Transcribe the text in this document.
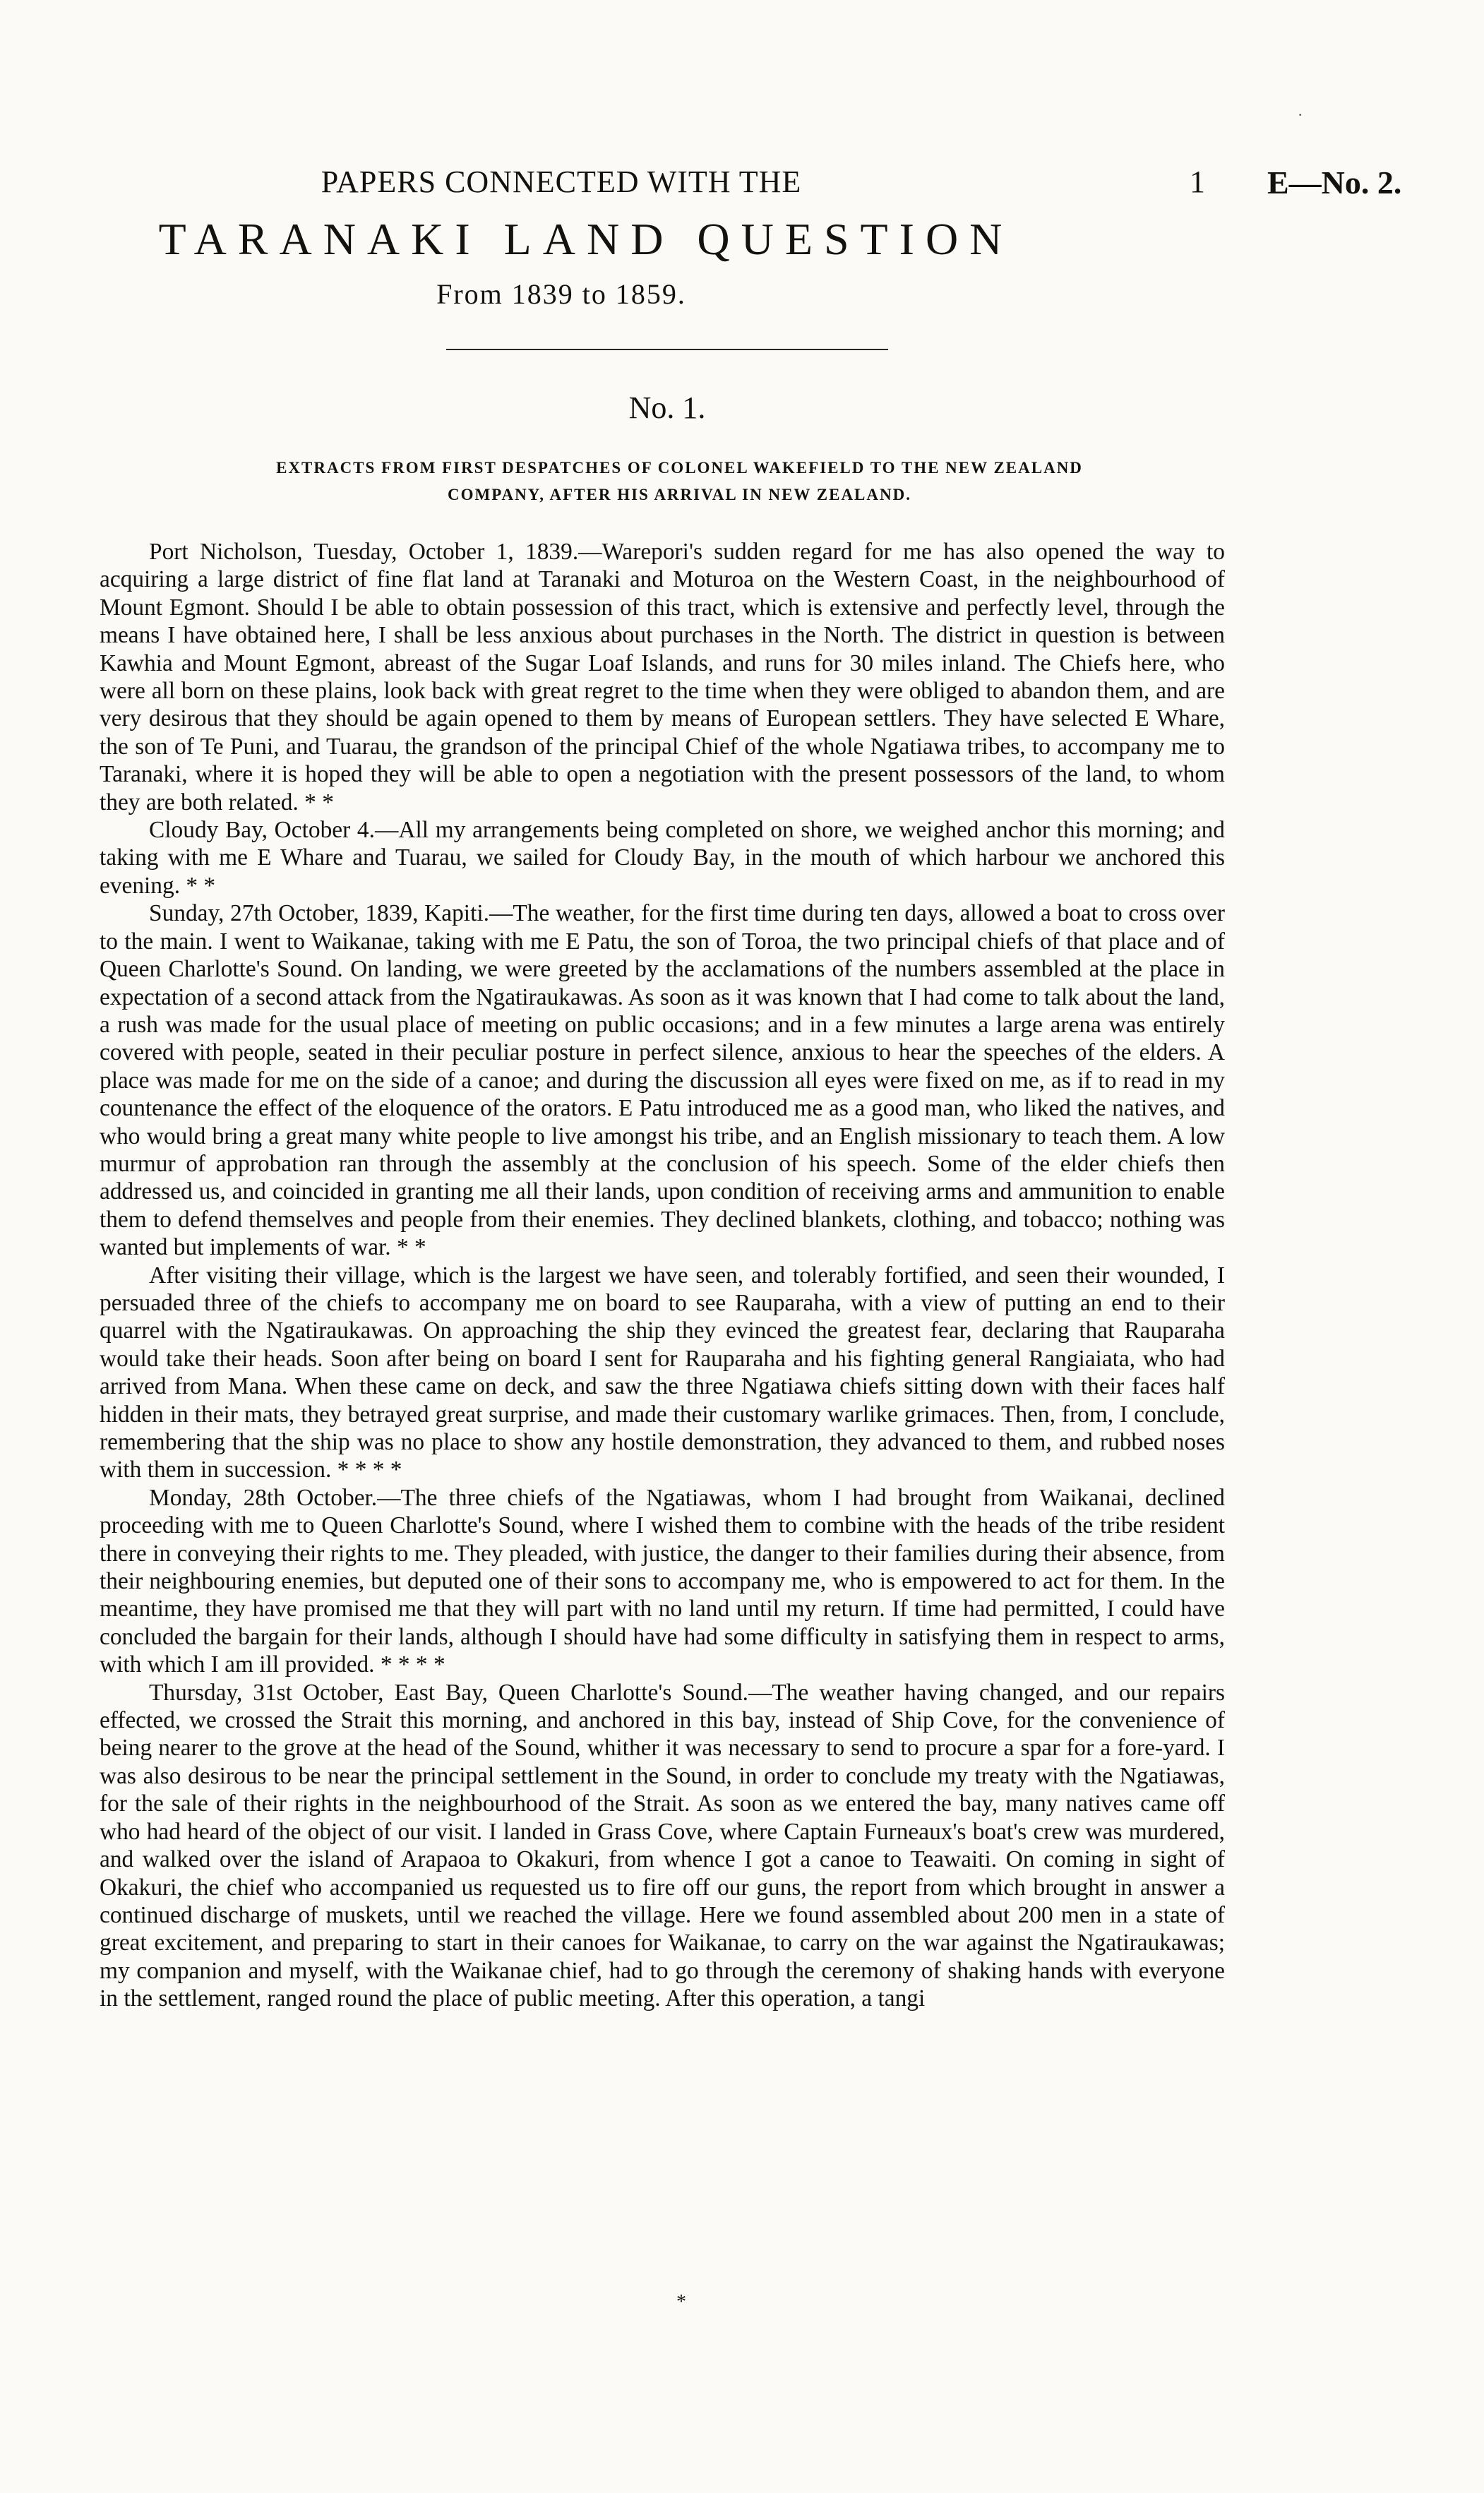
·
PAPERS CONNECTED WITH THE	1 E—No. 2.
TARANAKI LAND QUESTION
From 1839 to 1859.
No. 1.
EXTRACTS FROM FIRST DESPATCHES OF COLONEL WAKEFIELD TO THE NEW ZEALAND
COMPANY, AFTER HIS ARRIVAL IN NEW ZEALAND.

Port Nicholson, Tuesday, October 1, 1839.—Warepori's sudden regard for me has also opened the way to acquiring a large district of fine flat land at Taranaki and Moturoa on the Western Coast, in the neighbourhood of Mount Egmont. Should I be able to obtain possession of this tract, which is extensive and perfectly level, through the means I have obtained here, I shall be less anxious about purchases in the North. The district in question is between Kawhia and Mount Egmont, abreast of the Sugar Loaf Islands, and runs for 30 miles inland. The Chiefs here, who were all born on these plains, look back with great regret to the time when they were obliged to abandon them, and are very desirous that they should be again opened to them by means of European settlers. They have selected E Whare, the son of Te Puni, and Tuarau, the grandson of the principal Chief of the whole Ngatiawa tribes, to accompany me to Taranaki, where it is hoped they will be able to open a negotiation with the present possessors of the land, to whom they are both related. * *

Cloudy Bay, October 4.—All my arrangements being completed on shore, we weighed anchor this morning; and taking with me E Whare and Tuarau, we sailed for Cloudy Bay, in the mouth of which harbour we anchored this evening. * *

Sunday, 27th October, 1839, Kapiti.—The weather, for the first time during ten days, allowed a boat to cross over to the main. I went to Waikanae, taking with me E Patu, the son of Toroa, the two principal chiefs of that place and of Queen Charlotte's Sound. On landing, we were greeted by the acclamations of the numbers assembled at the place in expectation of a second attack from the Ngatiraukawas. As soon as it was known that I had come to talk about the land, a rush was made for the usual place of meeting on public occasions; and in a few minutes a large arena was entirely covered with people, seated in their peculiar posture in perfect silence, anxious to hear the speeches of the elders. A place was made for me on the side of a canoe; and during the discussion all eyes were fixed on me, as if to read in my countenance the effect of the eloquence of the orators. E Patu introduced me as a good man, who liked the natives, and who would bring a great many white people to live amongst his tribe, and an English missionary to teach them. A low murmur of approbation ran through the assembly at the conclusion of his speech. Some of the elder chiefs then addressed us, and coincided in granting me all their lands, upon condition of receiving arms and ammunition to enable them to defend themselves and people from their enemies. They declined blankets, clothing, and tobacco; nothing was wanted but implements of war. * *

After visiting their village, which is the largest we have seen, and tolerably fortified, and seen their wounded, I persuaded three of the chiefs to accompany me on board to see Rauparaha, with a view of putting an end to their quarrel with the Ngatiraukawas. On approaching the ship they evinced the greatest fear, declaring that Rauparaha would take their heads. Soon after being on board I sent for Rauparaha and his fighting general Rangiaiata, who had arrived from Mana. When these came on deck, and saw the three Ngatiawa chiefs sitting down with their faces half hidden in their mats, they betrayed great surprise, and made their customary warlike grimaces. Then, from, I conclude, remembering that the ship was no place to show any hostile demonstration, they advanced to them, and rubbed noses with them in succession. * * * *

Monday, 28th October.—The three chiefs of the Ngatiawas, whom I had brought from Waikanai, declined proceeding with me to Queen Charlotte's Sound, where I wished them to combine with the heads of the tribe resident there in conveying their rights to me. They pleaded, with justice, the danger to their families during their absence, from their neighbouring enemies, but deputed one of their sons to accompany me, who is empowered to act for them. In the meantime, they have promised me that they will part with no land until my return. If time had permitted, I could have concluded the bargain for their lands, although I should have had some difficulty in satisfying them in respect to arms, with which I am ill provided. * * * *

Thursday, 31st October, East Bay, Queen Charlotte's Sound.—The weather having changed, and our repairs effected, we crossed the Strait this morning, and anchored in this bay, instead of Ship Cove, for the convenience of being nearer to the grove at the head of the Sound, whither it was necessary to send to procure a spar for a fore-yard. I was also desirous to be near the principal settlement in the Sound, in order to conclude my treaty with the Ngatiawas, for the sale of their rights in the neighbourhood of the Strait. As soon as we entered the bay, many natives came off who had heard of the object of our visit. I landed in Grass Cove, where Captain Furneaux's boat's crew was murdered, and walked over the island of Arapaoa to Okakuri, from whence I got a canoe to Teawaiti. On coming in sight of Okakuri, the chief who accompanied us requested us to fire off our guns, the report from which brought in answer a continued discharge of muskets, until we reached the village. Here we found assembled about 200 men in a state of great excitement, and preparing to start in their canoes for Waikanae, to carry on the war against the Ngatiraukawas; my companion and myself, with the Waikanae chief, had to go through the ceremony of shaking hands with everyone in the settlement, ranged round the place of public meeting. After this operation, a tangi

*
